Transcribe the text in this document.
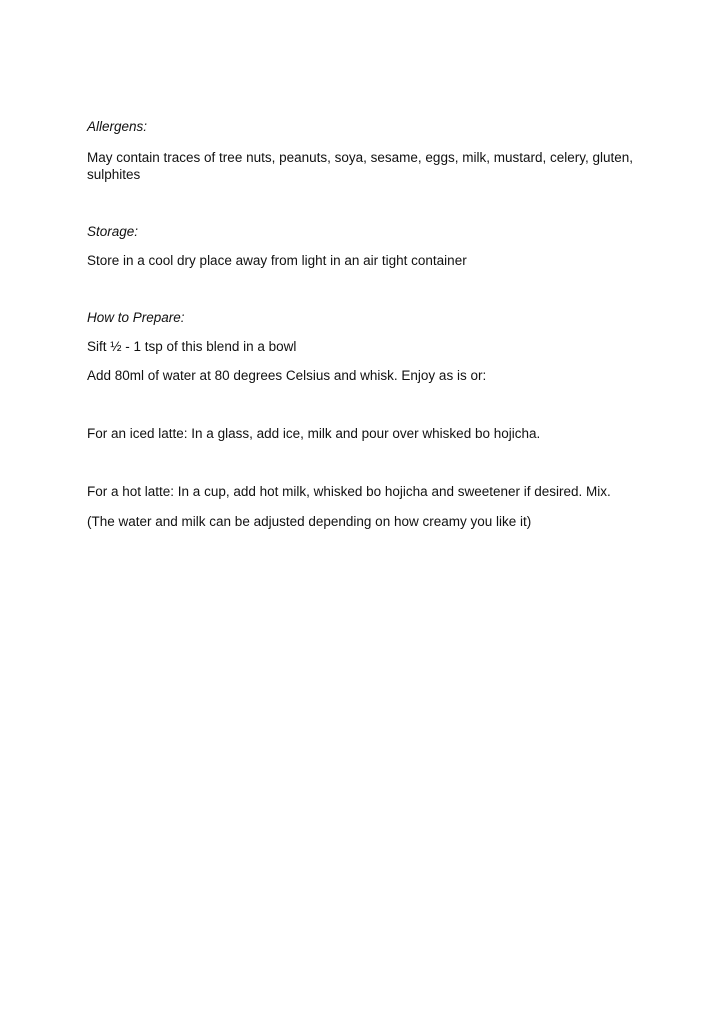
Allergens:
May contain traces of tree nuts, peanuts, soya, sesame, eggs, milk, mustard, celery, gluten,
sulphites
Storage:
Store in a cool dry place away from light in an air tight container
How to Prepare:
Sift ½ - 1 tsp of this blend in a bowl
Add 80ml of water at 80 degrees Celsius and whisk. Enjoy as is or:
For an iced latte: In a glass, add ice, milk and pour over whisked bo hojicha.
For a hot latte: In a cup, add hot milk, whisked bo hojicha and sweetener if desired. Mix.
(The water and milk can be adjusted depending on how creamy you like it)
